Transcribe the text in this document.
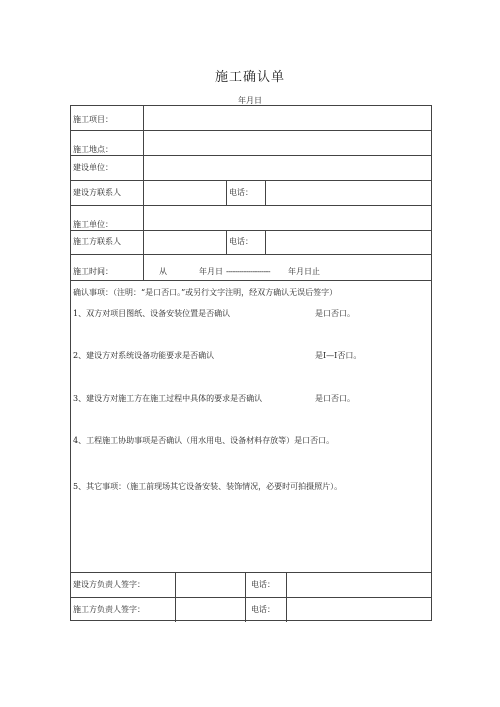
施工确认单
年月日
施工项目：
施工地点：
建设单位：
建设方联系人	电话：
施工单位：
施工方联系人	电话：
施工时间：	从	年月日 -------------------- 年月日止
确认事项：（注明：“是口否口。”或另行文字注明，经双方确认无误后签字）
1、双方对项目图纸、设备安装位置是否确认	是口否口。
2、建设方对系统设备功能要求是否确认	是I—I否口。
3、建设方对施工方在施工过程中具体的要求是否确认	是口否口。
4、工程施工协助事项是否确认（用水用电、设备材料存放等）是口否口。
5、其它事项：（施工前现场其它设备安装、装饰情况，必要时可拍摄照片）。
建设方负责人签字：	电话：
施工方负责人签字：	电话：
